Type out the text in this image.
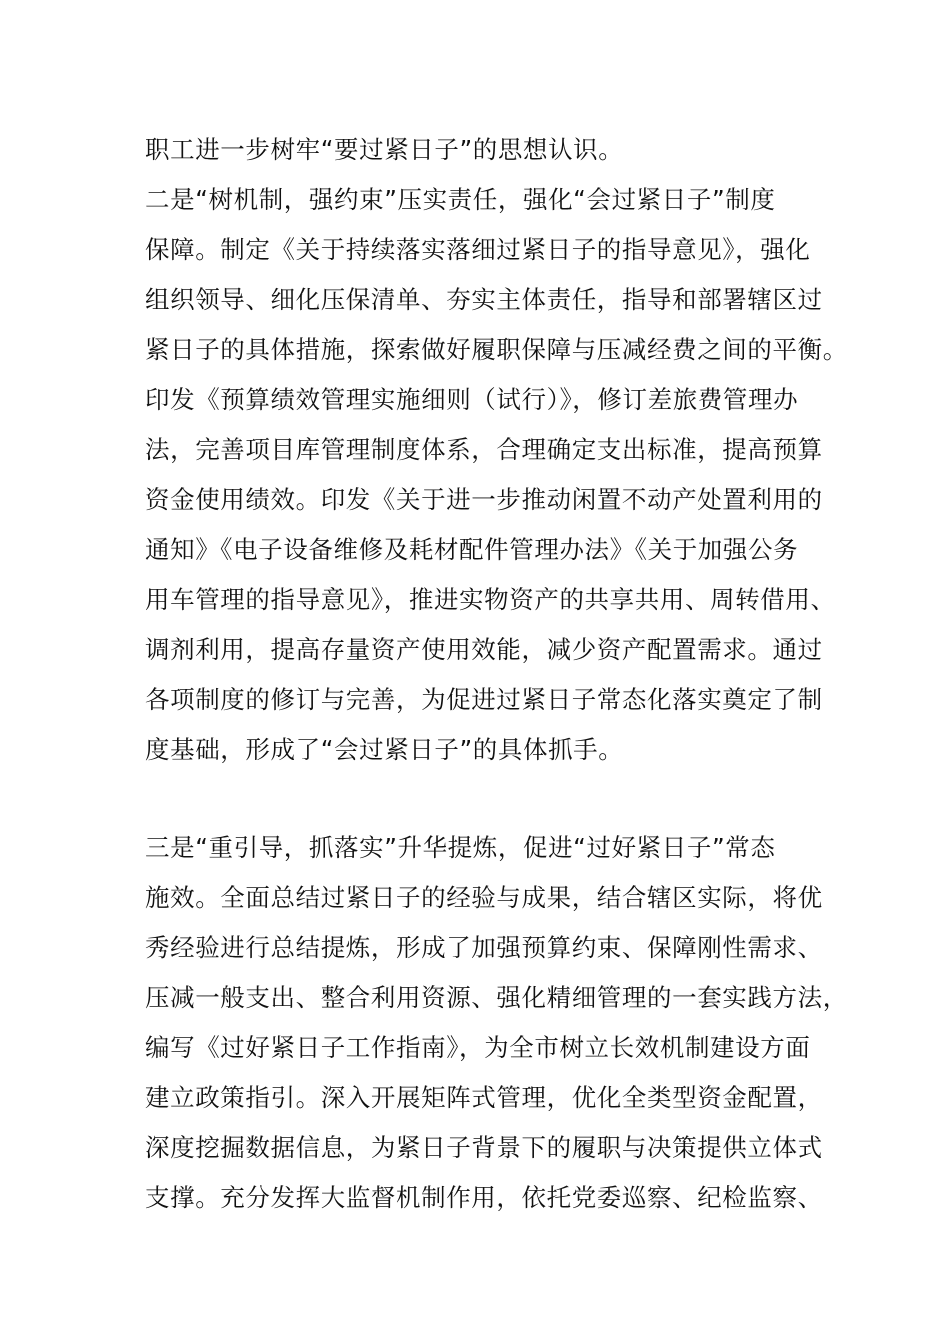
职工进一步树牢“要过紧日子”的思想认识。
二是“树机制，强约束”压实责任，强化“会过紧日子”制度
保障。制定《关于持续落实落细过紧日子的指导意见》，强化
组织领导、细化压保清单、夯实主体责任，指导和部署辖区过
紧日子的具体措施，探索做好履职保障与压减经费之间的平衡。
印发《预算绩效管理实施细则（试行）》，修订差旅费管理办
法，完善项目库管理制度体系，合理确定支出标准，提高预算
资金使用绩效。印发《关于进一步推动闲置不动产处置利用的
通知》《电子设备维修及耗材配件管理办法》《关于加强公务
用车管理的指导意见》，推进实物资产的共享共用、周转借用、
调剂利用，提高存量资产使用效能，减少资产配置需求。通过
各项制度的修订与完善，为促进过紧日子常态化落实奠定了制
度基础，形成了“会过紧日子”的具体抓手。
三是“重引导，抓落实”升华提炼，促进“过好紧日子”常态
施效。全面总结过紧日子的经验与成果，结合辖区实际，将优
秀经验进行总结提炼，形成了加强预算约束、保障刚性需求、
压减一般支出、整合利用资源、强化精细管理的一套实践方法，
编写《过好紧日子工作指南》，为全市树立长效机制建设方面
建立政策指引。深入开展矩阵式管理，优化全类型资金配置，
深度挖掘数据信息，为紧日子背景下的履职与决策提供立体式
支撑。充分发挥大监督机制作用，依托党委巡察、纪检监察、
